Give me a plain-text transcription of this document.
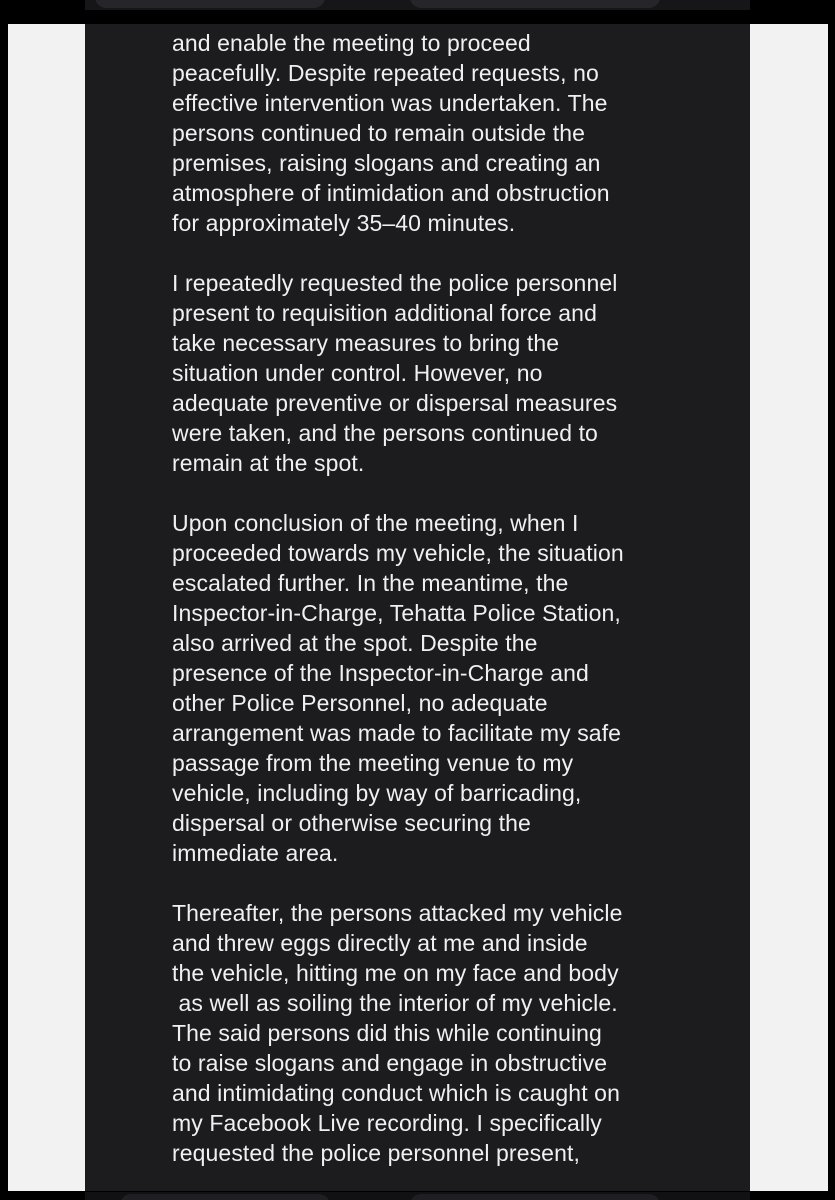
and enable the meeting to proceed
peacefully. Despite repeated requests, no
effective intervention was undertaken. The
persons continued to remain outside the
premises, raising slogans and creating an
atmosphere of intimidation and obstruction
for approximately 35–40 minutes.
I repeatedly requested the police personnel
present to requisition additional force and
take necessary measures to bring the
situation under control. However, no
adequate preventive or dispersal measures
were taken, and the persons continued to
remain at the spot.
Upon conclusion of the meeting, when I
proceeded towards my vehicle, the situation
escalated further. In the meantime, the
Inspector-in-Charge, Tehatta Police Station,
also arrived at the spot. Despite the
presence of the Inspector-in-Charge and
other Police Personnel, no adequate
arrangement was made to facilitate my safe
passage from the meeting venue to my
vehicle, including by way of barricading,
dispersal or otherwise securing the
immediate area.
Thereafter, the persons attacked my vehicle
and threw eggs directly at me and inside
the vehicle, hitting me on my face and body
as well as soiling the interior of my vehicle.
The said persons did this while continuing
to raise slogans and engage in obstructive
and intimidating conduct which is caught on
my Facebook Live recording. I specifically
requested the police personnel present,
